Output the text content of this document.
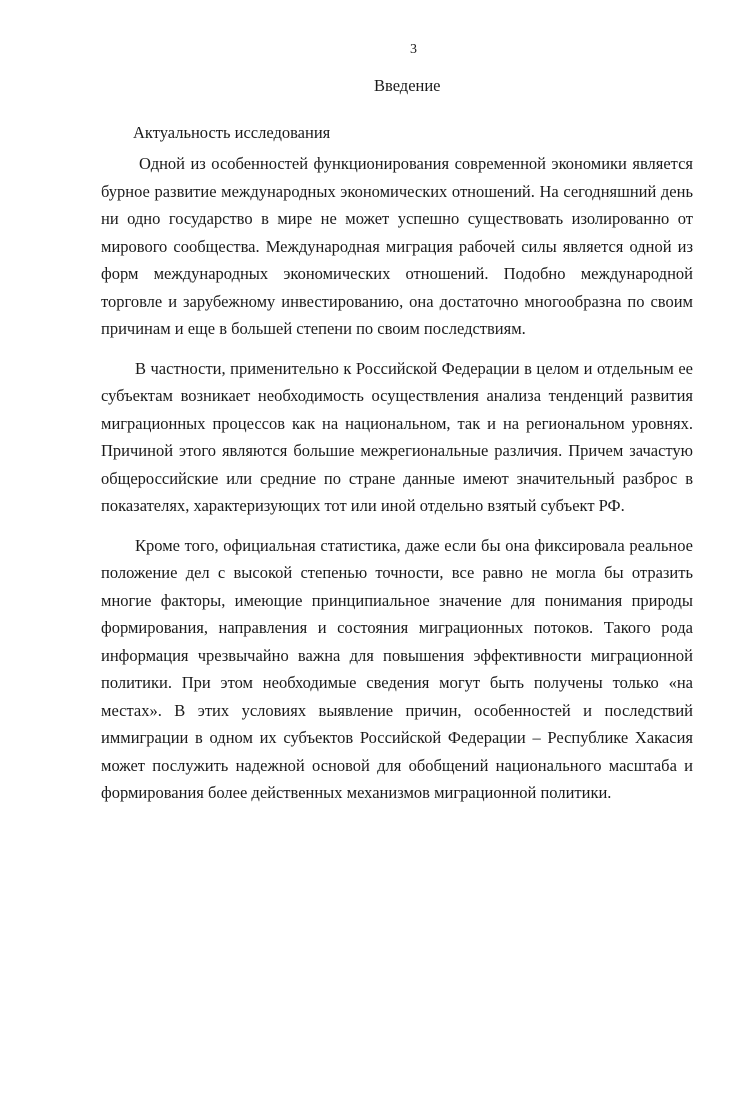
3
Введение
Актуальность исследования

Одной из особенностей функционирования современной экономики является бурное развитие международных экономических отношений. На сегодняшний день ни одно государство в мире не может успешно существовать изолированно от мирового сообщества. Международная миграция рабочей силы является одной из форм международных экономических отношений. Подобно международной торговле и зарубежному инвестированию, она достаточно многообразна по своим причинам и еще в большей степени по своим последствиям.

В частности, применительно к Российской Федерации в целом и отдельным ее субъектам возникает необходимость осуществления анализа тенденций развития миграционных процессов как на национальном, так и на региональном уровнях. Причиной этого являются большие межрегиональные различия. Причем зачастую общероссийские или средние по стране данные имеют значительный разброс в показателях, характеризующих тот или иной отдельно взятый субъект РФ.

Кроме того, официальная статистика, даже если бы она фиксировала реальное положение дел с высокой степенью точности, все равно не могла бы отразить многие факторы, имеющие принципиальное значение для понимания природы формирования, направления и состояния миграционных потоков. Такого рода информация чрезвычайно важна для повышения эффективности миграционной политики. При этом необходимые сведения могут быть получены только «на местах». В этих условиях выявление причин, особенностей и последствий иммиграции в одном их субъектов Российской Федерации – Республике Хакасия может послужить надежной основой для обобщений национального масштаба и формирования более действенных механизмов миграционной политики.
